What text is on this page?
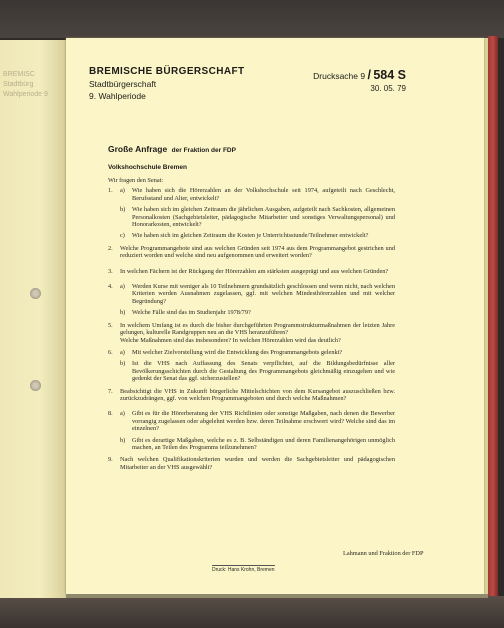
BREMISC
Stadtbürg
Wahlperiode 9
BREMISCHE BÜRGERSCHAFT
Stadtbürgerschaft
9. Wahlperiode
Drucksache 9 / 584 S
30. 05. 79
Große Anfrage der Fraktion der FDP
Volkshochschule Bremen
Wir fragen den Senat:
1.	a)	Wie haben sich die Hörerzahlen an der Volkshochschule seit 1974, aufgeteilt nach Geschlecht, Berufsstand und Alter, entwickelt?
b)	Wie haben sich im gleichen Zeitraum die jährlichen Ausgaben, aufgeteilt nach Sachkosten, allgemeinen Personalkosten (Sachgebietsleiter, pädagogische Mitarbeiter und sonstiges Verwaltungspersonal) und Honorarkosten, entwickelt?
c)	Wie haben sich im gleichen Zeitraum die Kosten je Unterrichtsstunde/Teilnehmer entwickelt?
2.	Welche Programmangebote sind aus welchen Gründen seit 1974 aus dem Programmangebot gestrichen und reduziert worden und welche sind neu aufgenommen und erweitert worden?
3.	In welchen Fächern ist der Rückgang der Hörerzahlen am stärksten ausgeprägt und aus welchen Gründen?
4.	a)	Werden Kurse mit weniger als 10 Teilnehmern grundsätzlich geschlossen und wenn nicht, nach welchen Kriterien werden Ausnahmen zugelassen, ggf. mit welchen Mindesthörerzahlen und mit welcher Begründung?
b)	Welche Fälle sind das im Studienjahr 1978/79?
5.	In welchem Umfang ist es durch die bisher durchgeführten Programmstrukturmaßnahmen der letzten Jahre gelungen, kulturelle Randgruppen neu an die VHS heranzuführen?
Welche Maßnahmen sind das insbesondere? In welchen Hörerzahlen wird das deutlich?
6.	a)	Mit welcher Zielvorstellung wird die Entwicklung des Programmangebots gelenkt?
b)	Ist die VHS nach Auffassung des Senats verpflichtet, auf die Bildungsbedürfnisse aller Bevölkerungsschichten durch die Gestaltung des Programmangebots gleichmäßig einzugehen und wie gedenkt der Senat das ggf. sicherzustellen?
7.	Beabsichtigt die VHS in Zukunft bürgerliche Mittelschichten von dem Kursangebot auszuschließen bzw. zurückzudrängen, ggf. von welchen Programmangeboten und durch welche Maßnahmen?
8.	a)	Gibt es für die Hörerberatung der VHS Richtlinien oder sonstige Maßgaben, nach denen die Bewerber vorrangig zugelassen oder abgelehnt werden bzw. deren Teilnahme erschwert wird? Welche sind das im einzelnen?
b)	Gibt es derartige Maßgaben, welche es z. B. Selbständigen und deren Familienangehörigen unmöglich machen, an Teilen des Programms teilzunehmen?
9.	Nach welchen Qualifikationskriterien wurden und werden die Sachgebietsleiter und pädagogischen Mitarbeiter an der VHS ausgewählt?
Lahmann und Fraktion der FDP
Druck: Hans Krohn, Bremen
